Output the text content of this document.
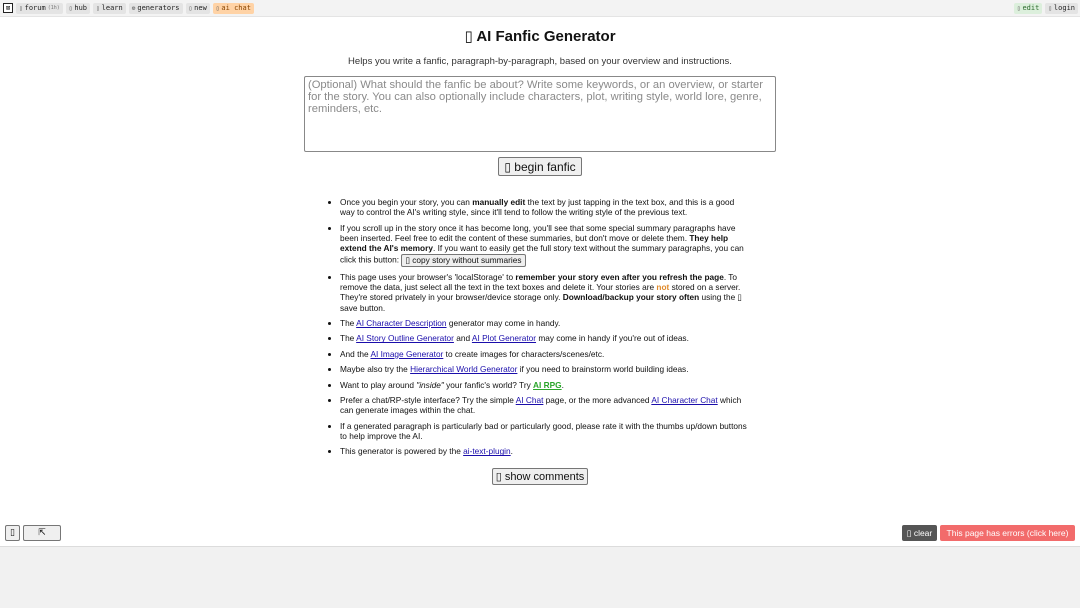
⊠	▯ forum (1h) ▯ hub ▯ learn ⚙ generators ▯ new ▯ ai chat	▯ edit ▯ login
▯ AI Fanfic Generator
Helps you write a fanfic, paragraph-by-paragraph, based on your overview and instructions.
(Optional) What should the fanfic be about? Write some keywords, or an overview, or starter for the story. You can also optionally include characters, plot, writing style, world lore, genre, reminders, etc.
▯ begin fanfic
• Once you begin your story, you can manually edit the text by just tapping in the text box, and this is a good way to control the AI's writing style, since it'll tend to follow the writing style of the previous text.
• If you scroll up in the story once it has become long, you'll see that some special summary paragraphs have been inserted. Feel free to edit the content of these summaries, but don't move or delete them. They help extend the AI's memory. If you want to easily get the full story text without the summary paragraphs, you can click this button: ▯ copy story without summaries
• This page uses your browser's 'localStorage' to remember your story even after you refresh the page. To remove the data, just select all the text in the text boxes and delete it. Your stories are not stored on a server. They're stored privately in your browser/device storage only. Download/backup your story often using the ▯ save button.
• The AI Character Description generator may come in handy.
• The AI Story Outline Generator and AI Plot Generator may come in handy if you're out of ideas.
• And the AI Image Generator to create images for characters/scenes/etc.
• Maybe also try the Hierarchical World Generator if you need to brainstorm world building ideas.
• Want to play around "inside" your fanfic's world? Try AI RPG.
• Prefer a chat/RP-style interface? Try the simple AI Chat page, or the more advanced AI Character Chat which can generate images within the chat.
• If a generated paragraph is particularly bad or particularly good, please rate it with the thumbs up/down buttons to help improve the AI.
• This generator is powered by the ai-text-plugin.
▯ show comments
▯	⇱	▯ clear	This page has errors (click here)
